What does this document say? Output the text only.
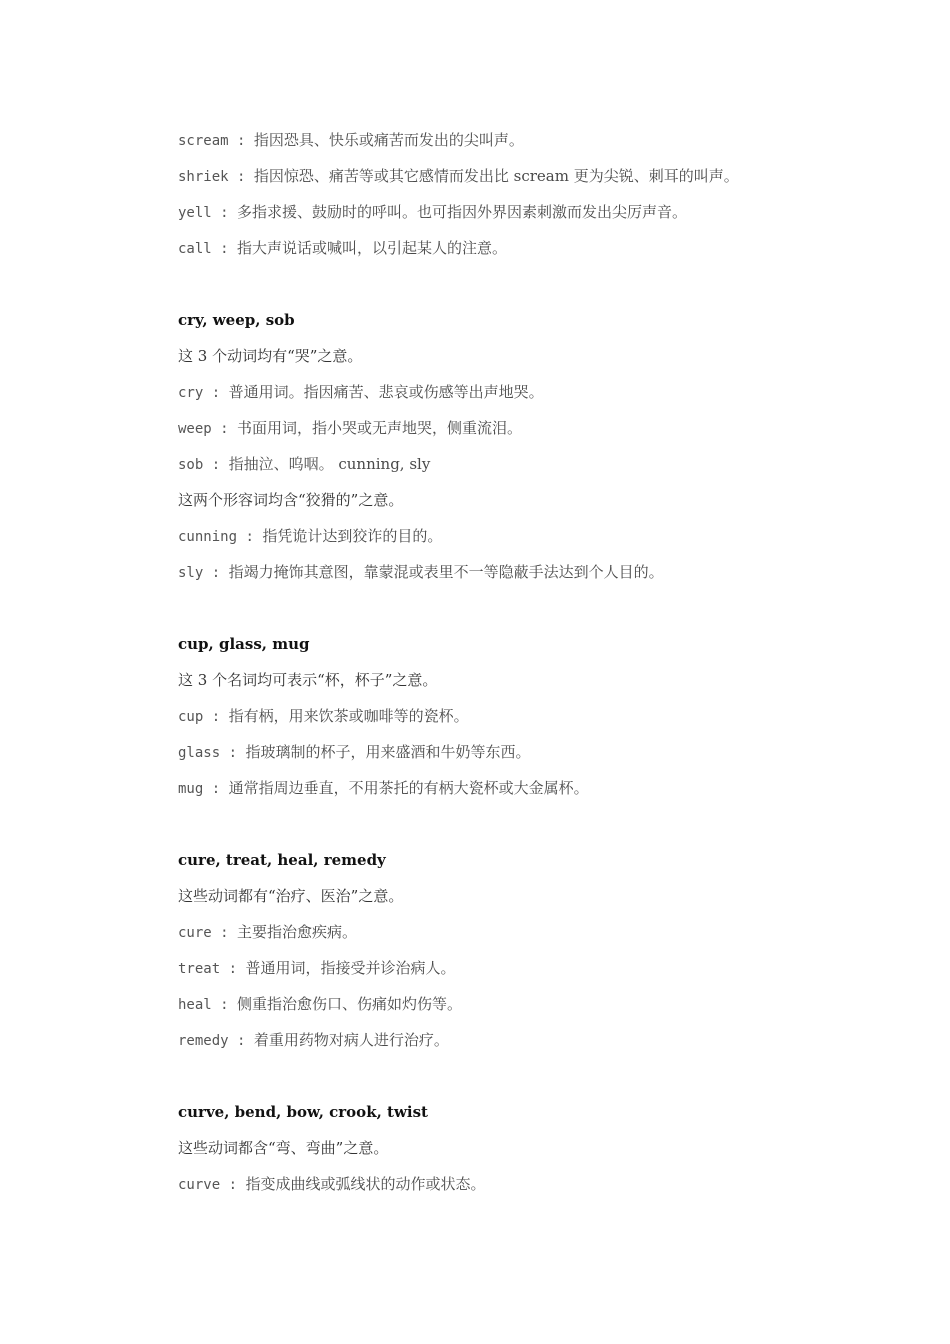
scream : 指因恐具、快乐或痛苦而发出的尖叫声。
shriek : 指因惊恐、痛苦等或其它感情而发出比 scream 更为尖锐、刺耳的叫声。
yell : 多指求援、鼓励时的呼叫。也可指因外界因素刺激而发出尖厉声音。
call : 指大声说话或喊叫，以引起某人的注意。
cry, weep, sob
这 3 个动词均有“哭”之意。
cry : 普通用词。指因痛苦、悲哀或伤感等出声地哭。
weep : 书面用词，指小哭或无声地哭，侧重流泪。
sob : 指抽泣、呜咽。 cunning, sly
这两个形容词均含“狡猾的”之意。
cunning : 指凭诡计达到狡诈的目的。
sly : 指竭力掩饰其意图，靠蒙混或表里不一等隐蔽手法达到个人目的。
cup, glass, mug
这 3 个名词均可表示“杯，杯子”之意。
cup : 指有柄，用来饮茶或咖啡等的瓷杯。
glass : 指玻璃制的杯子，用来盛酒和牛奶等东西。
mug : 通常指周边垂直，不用茶托的有柄大瓷杯或大金属杯。
cure, treat, heal, remedy
这些动词都有“治疗、医治”之意。
cure : 主要指治愈疾病。
treat : 普通用词，指接受并诊治病人。
heal : 侧重指治愈伤口、伤痛如灼伤等。
remedy : 着重用药物对病人进行治疗。
curve, bend, bow, crook, twist
这些动词都含“弯、弯曲”之意。
curve : 指变成曲线或弧线状的动作或状态。
